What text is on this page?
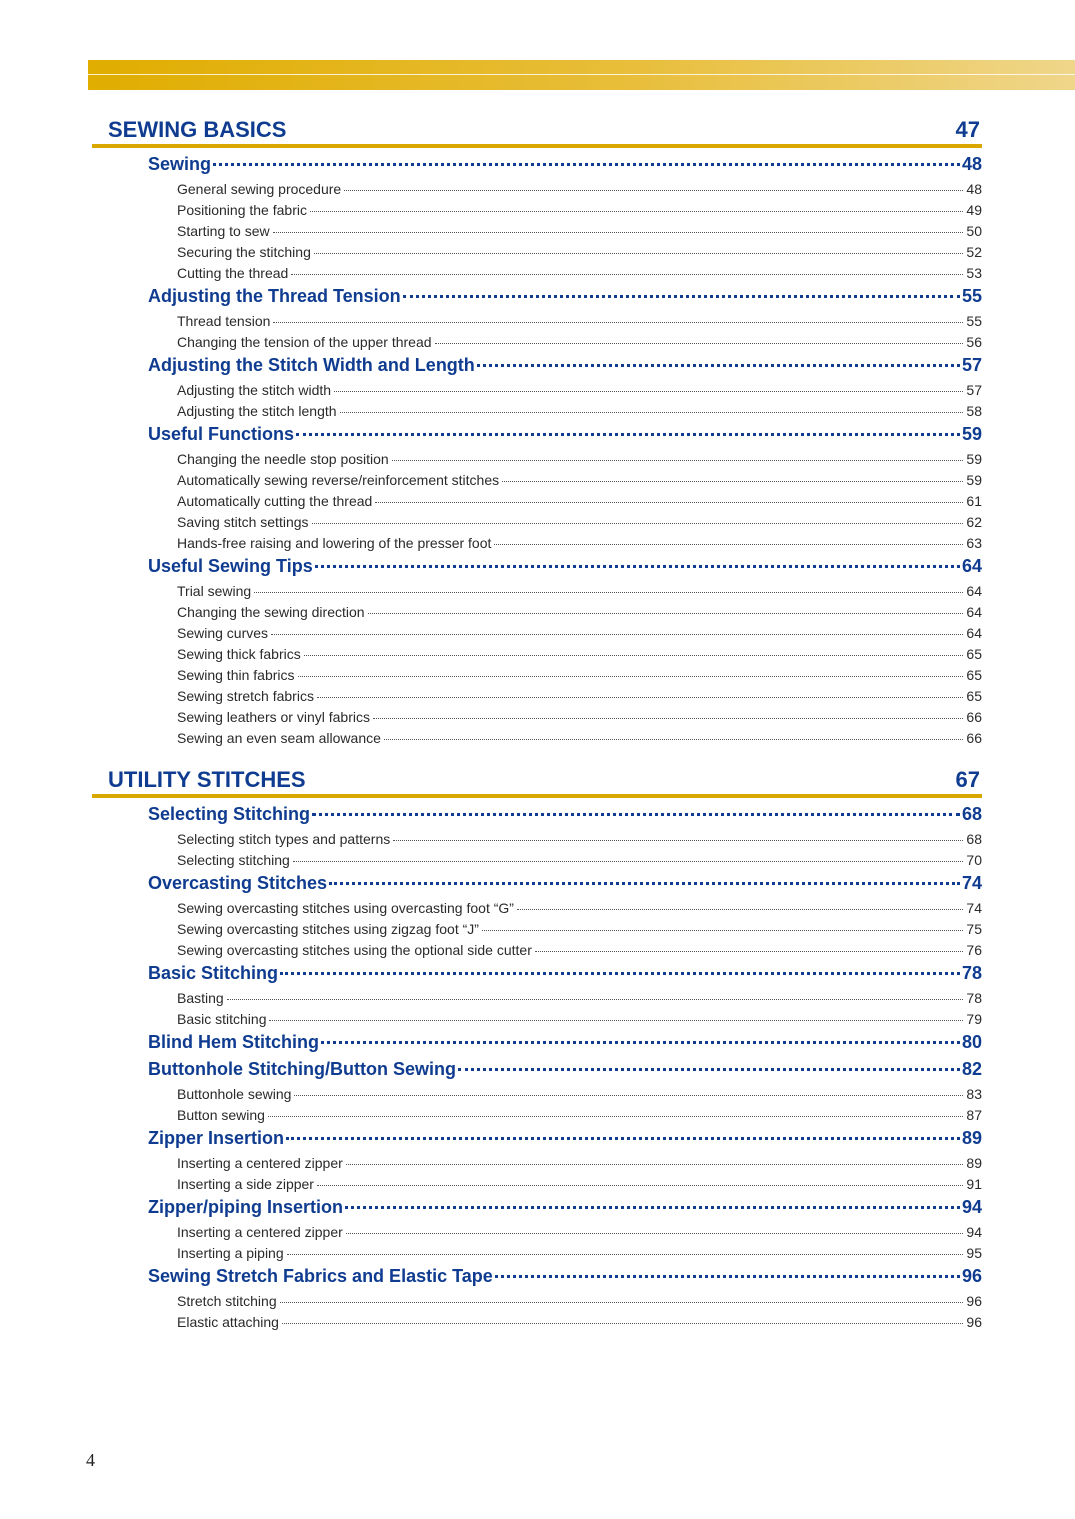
SEWING BASICS	47
Sewing	48
General sewing procedure	48
Positioning the fabric	49
Starting to sew	50
Securing the stitching	52
Cutting the thread	53
Adjusting the Thread Tension	55
Thread tension	55
Changing the tension of the upper thread	56
Adjusting the Stitch Width and Length	57
Adjusting the stitch width	57
Adjusting the stitch length	58
Useful Functions	59
Changing the needle stop position	59
Automatically sewing reverse/reinforcement stitches	59
Automatically cutting the thread	61
Saving stitch settings	62
Hands-free raising and lowering of the presser foot	63
Useful Sewing Tips	64
Trial sewing	64
Changing the sewing direction	64
Sewing curves	64
Sewing thick fabrics	65
Sewing thin fabrics	65
Sewing stretch fabrics	65
Sewing leathers or vinyl fabrics	66
Sewing an even seam allowance	66
UTILITY STITCHES	67
Selecting Stitching	68
Selecting stitch types and patterns	68
Selecting stitching	70
Overcasting Stitches	74
Sewing overcasting stitches using overcasting foot “G”	74
Sewing overcasting stitches using zigzag foot “J”	75
Sewing overcasting stitches using the optional side cutter	76
Basic Stitching	78
Basting	78
Basic stitching	79
Blind Hem Stitching	80
Buttonhole Stitching/Button Sewing	82
Buttonhole sewing	83
Button sewing	87
Zipper Insertion	89
Inserting a centered zipper	89
Inserting a side zipper	91
Zipper/piping Insertion	94
Inserting a centered zipper	94
Inserting a piping	95
Sewing Stretch Fabrics and Elastic Tape	96
Stretch stitching	96
Elastic attaching	96
4
